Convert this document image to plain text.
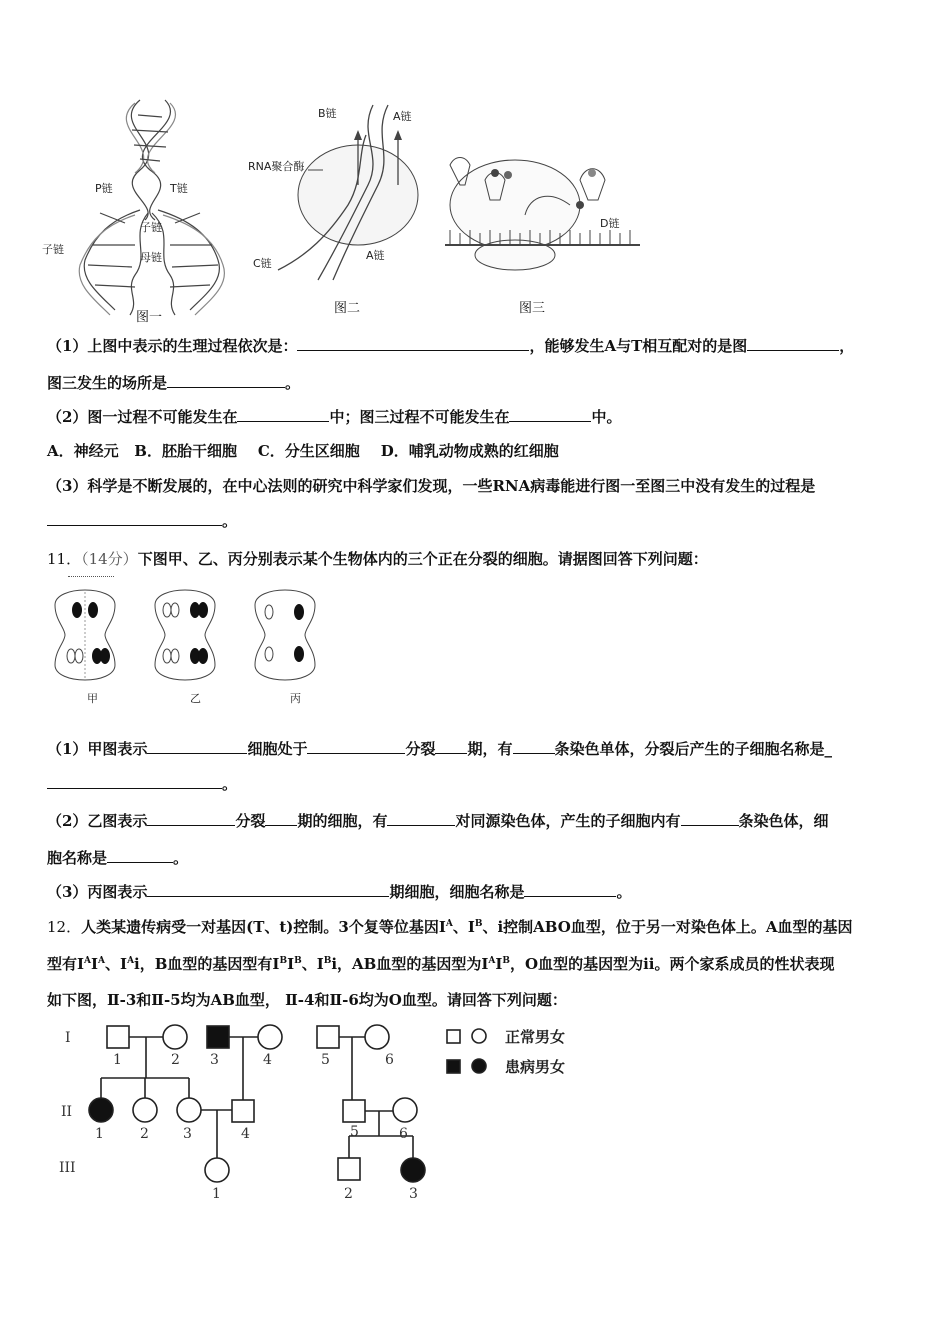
P链	T链
子链
子链
母链
图一
B链	A链
RNA聚合酶
C链
A链
图二
D链
图三
（1）上图中表示的生理过程依次是：	，能够发生A与T相互配对的是图	，
图三发生的场所是	。
（2）图一过程不可能发生在	中；图三过程不可能发生在	中。
A．神经元   B．胚胎干细胞    C．分生区细胞    D．哺乳动物成熟的红细胞
（3）科学是不断发展的，在中心法则的研究中科学家们发现，一些RNA病毒能进行图一至图三中没有发生的过程是
。
11．（14分）下图甲、乙、丙分别表示某个生物体内的三个正在分裂的细胞。请据图回答下列问题：
甲	乙	丙
（1）甲图表示	细胞处于	分裂 期，有	条染色单体，分裂后产生的子细胞名称是_
。
（2）乙图表示	分裂 期的细胞，有	对同源染色体，产生的子细胞内有	条染色体，细
胞名称是	。
（3）丙图表示	期细胞，细胞名称是	。
12．人类某遗传病受一对基因(T、t)控制。3个复等位基因$I^A$、$I^B$、i控制ABO血型，位于另一对染色体上。A血型的基因
型有$I^AI^A$、$I^Ai$，B血型的基因型有$I^BI^B$、$I^Bi$，AB血型的基因型为$I^AI^B$，O血型的基因型为ii。两个家系成员的性状表现
如下图，Ⅱ-3和Ⅱ-5均为AB血型， Ⅱ-4和Ⅱ-6均为O血型。请回答下列问题：
I
II
III
1	2 3	4	5	6
1	2 3	4	5	6
1	2	3
正常男女
患病男女
